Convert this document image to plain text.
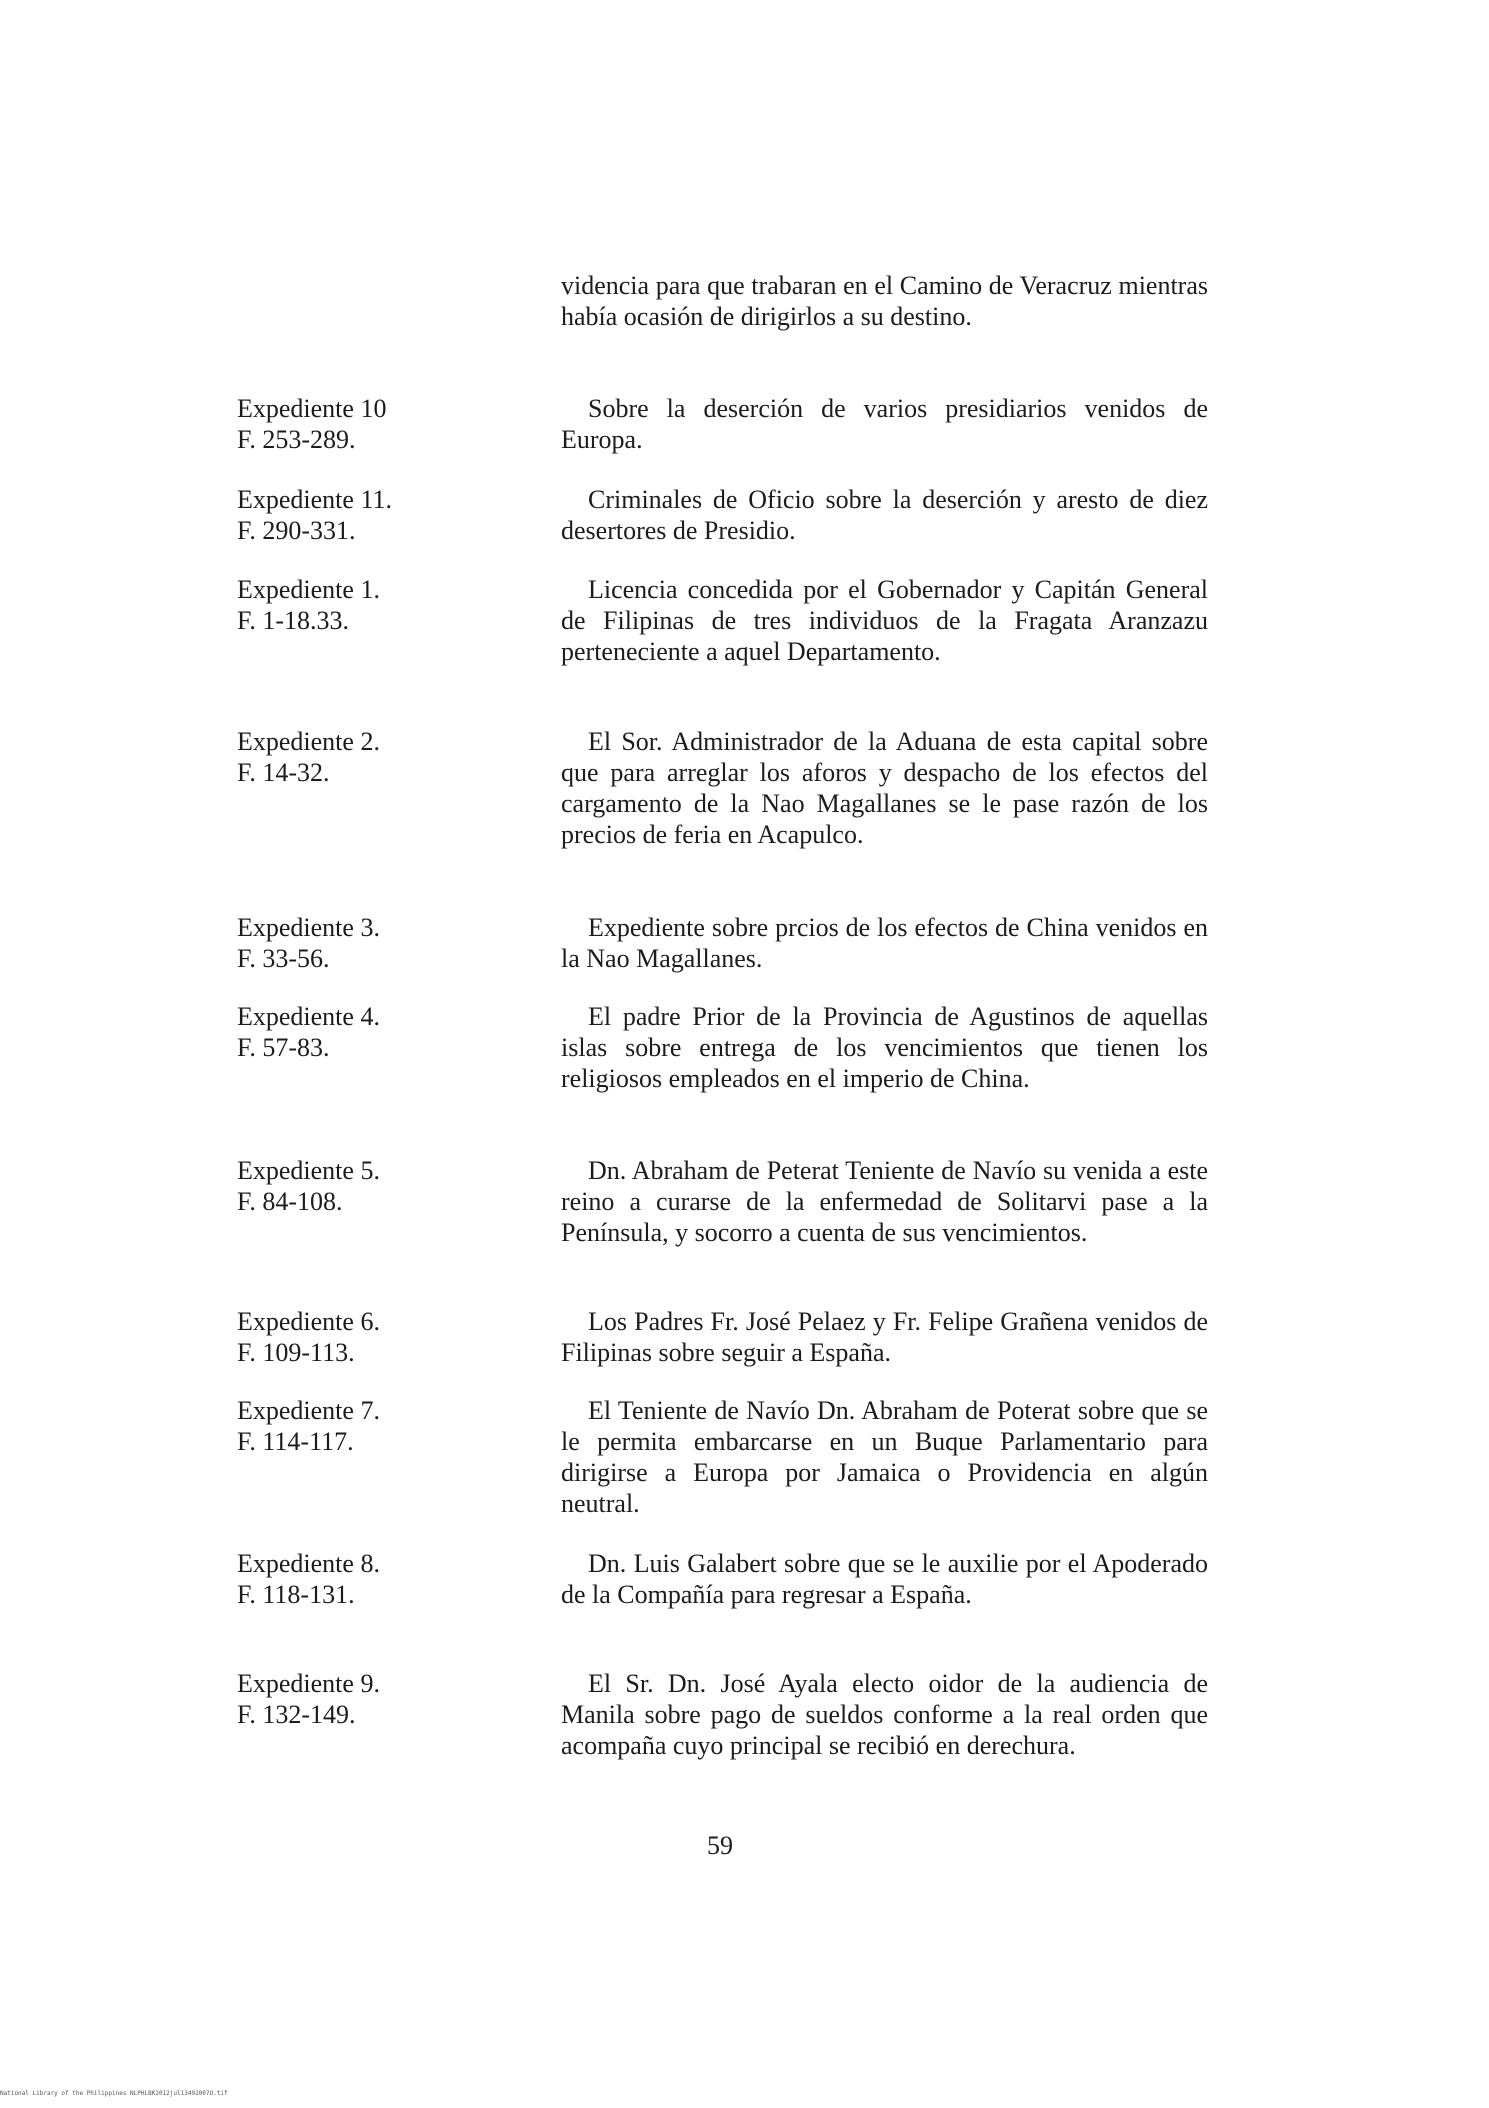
videncia para que trabaran en el Camino de Veracruz mientras había ocasión de dirigirlos a su destino.

Expediente 10
F. 253-289.

Sobre la deserción de varios presidiarios venidos de Europa.

Expediente 11.
F. 290-331.

Criminales de Oficio sobre la deserción y aresto de diez desertores de Presidio.

Expediente 1.
F. 1-18.33.

Licencia concedida por el Gobernador y Capitán General de Filipinas de tres individuos de la Fragata Aranzazu perteneciente a aquel Departamento.

Expediente 2.
F. 14-32.

El Sor. Administrador de la Aduana de esta capital sobre que para arreglar los aforos y despacho de los efectos del cargamento de la Nao Magallanes se le pase razón de los precios de feria en Acapulco.

Expediente 3.
F. 33-56.

Expediente sobre prcios de los efectos de China venidos en la Nao Magallanes.

Expediente 4.
F. 57-83.

El padre Prior de la Provincia de Agustinos de aquellas islas sobre entrega de los vencimientos que tienen los religiosos empleados en el imperio de China.

Expediente 5.
F. 84-108.

Dn. Abraham de Peterat Teniente de Navío su venida a este reino a curarse de la enfermedad de Solitarvi pase a la Península, y socorro a cuenta de sus vencimientos.

Expediente 6.
F. 109-113.

Los Padres Fr. José Pelaez y Fr. Felipe Grañena venidos de Filipinas sobre seguir a España.

Expediente 7.
F. 114-117.

El Teniente de Navío Dn. Abraham de Poterat sobre que se le permita embarcarse en un Buque Parlamentario para dirigirse a Europa por Jamaica o Providencia en algún neutral.

Expediente 8.
F. 118-131.

Dn. Luis Galabert sobre que se le auxilie por el Apoderado de la Compañía para regresar a España.

Expediente 9.
F. 132-149.

El Sr. Dn. José Ayala electo oidor de la audiencia de Manila sobre pago de sueldos conforme a la real orden que acompaña cuyo principal se recibió en derechura.

59
National Library of the Philippines NLPHLBK2012jul13492007O.tif
